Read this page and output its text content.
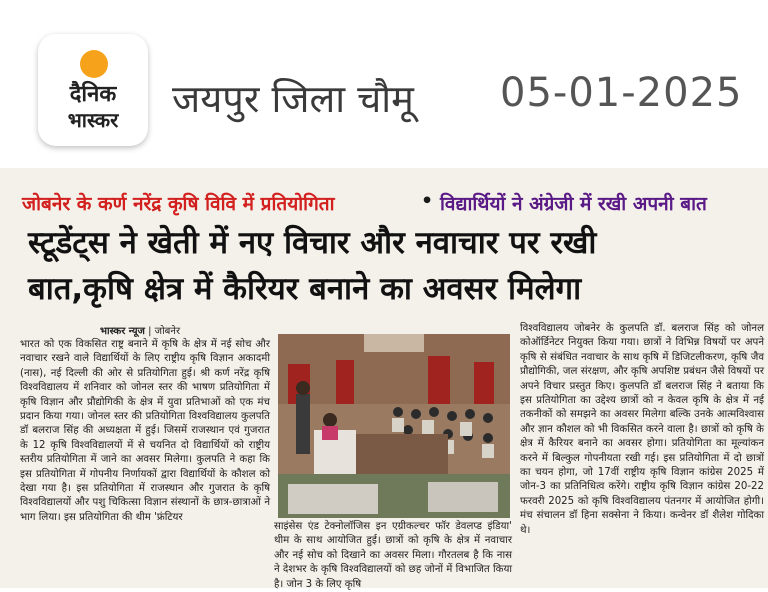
दैनिक
भास्कर	जयपुर जिला चौमू 05-01-2025
जोबनेर के कर्ण नरेंद्र कृषि विवि में प्रतियोगिता	• विद्यार्थियों ने अंग्रेजी में रखी अपनी बात
स्टूडेंट्स ने खेती में नए विचार और नवाचार पर रखी
बात,कृषि क्षेत्र में कैरियर बनाने का अवसर मिलेगा
भास्कर न्यूज | जोबनेर
भारत को एक विकसित राष्ट्र बनाने में कृषि के क्षेत्र में नई सोच और नवाचार रखने वाले विद्यार्थियों के लिए राष्ट्रीय कृषि विज्ञान अकादमी (नास), नई दिल्ली की ओर से प्रतियोगिता हुई। श्री कर्ण नरेंद्र कृषि विश्वविद्यालय में शनिवार को जोनल स्तर की भाषण प्रतियोगिता में कृषि विज्ञान और प्रौद्योगिकी के क्षेत्र में युवा प्रतिभाओं को एक मंच प्रदान किया गया। जोनल स्तर की प्रतियोगिता विश्वविद्यालय कुलपति डॉ बलराज सिंह की अध्यक्षता में हुई। जिसमें राजस्थान एवं गुजरात के 12 कृषि विश्वविद्यालयों में से चयनित दो विद्यार्थियों को राष्ट्रीय स्तरीय प्रतियोगिता में जाने का अवसर मिलेगा। कुलपति ने कहा कि इस प्रतियोगिता में गोपनीय निर्णायकों द्वारा विद्यार्थियों के कौशल को देखा गया है। इस प्रतियोगिता में राजस्थान और गुजरात के कृषि विश्वविद्यालयों और पशु चिकित्सा विज्ञान संस्थानों के छात्र-छात्राओं ने भाग लिया। इस प्रतियोगिता की थीम 'फ्रंटियर
साइंसेस एंड टेक्नोलॉजिस इन एग्रीकल्चर फॉर डेवलप्ड इंडिया' थीम के साथ आयोजित हुई। छात्रों को कृषि के क्षेत्र में नवाचार और नई सोच को दिखाने का अवसर मिला। गौरतलब है कि नास ने देशभर के कृषि विश्वविद्यालयों को छह जोनों में विभाजित किया है। जोन 3 के लिए कृषि
विश्वविद्यालय जोबनेर के कुलपति डॉ. बलराज सिंह को जोनल कोऑर्डिनेटर नियुक्त किया गया। छात्रों ने विभिन्न विषयों पर अपने कृषि से संबंधित नवाचार के साथ कृषि में डिजिटलीकरण, कृषि जैव प्रौद्योगिकी, जल संरक्षण, और कृषि अपशिष्ट प्रबंधन जैसे विषयों पर अपने विचार प्रस्तुत किए। कुलपति डॉ बलराज सिंह ने बताया कि इस प्रतियोगिता का उद्देश्य छात्रों को न केवल कृषि के क्षेत्र में नई तकनीकों को समझने का अवसर मिलेगा बल्कि उनके आत्मविश्वास और ज्ञान कौशल को भी विकसित करने वाला है। छात्रों को कृषि के क्षेत्र में कैरियर बनाने का अवसर होगा। प्रतियोगिता का मूल्यांकन करने में बिल्कुल गोपनीयता रखी गई। इस प्रतियोगिता में दो छात्रों का चयन होगा, जो 17वीं राष्ट्रीय कृषि विज्ञान कांग्रेस 2025 में जोन-3 का प्रतिनिधित्व करेंगे। राष्ट्रीय कृषि विज्ञान कांग्रेस 20-22 फरवरी 2025 को कृषि विश्वविद्यालय पंतनगर में आयोजित होगी। मंच संचालन डॉ हिना सक्सेना ने किया। कन्वेनर डॉ शैलेश गोदिका थे।
